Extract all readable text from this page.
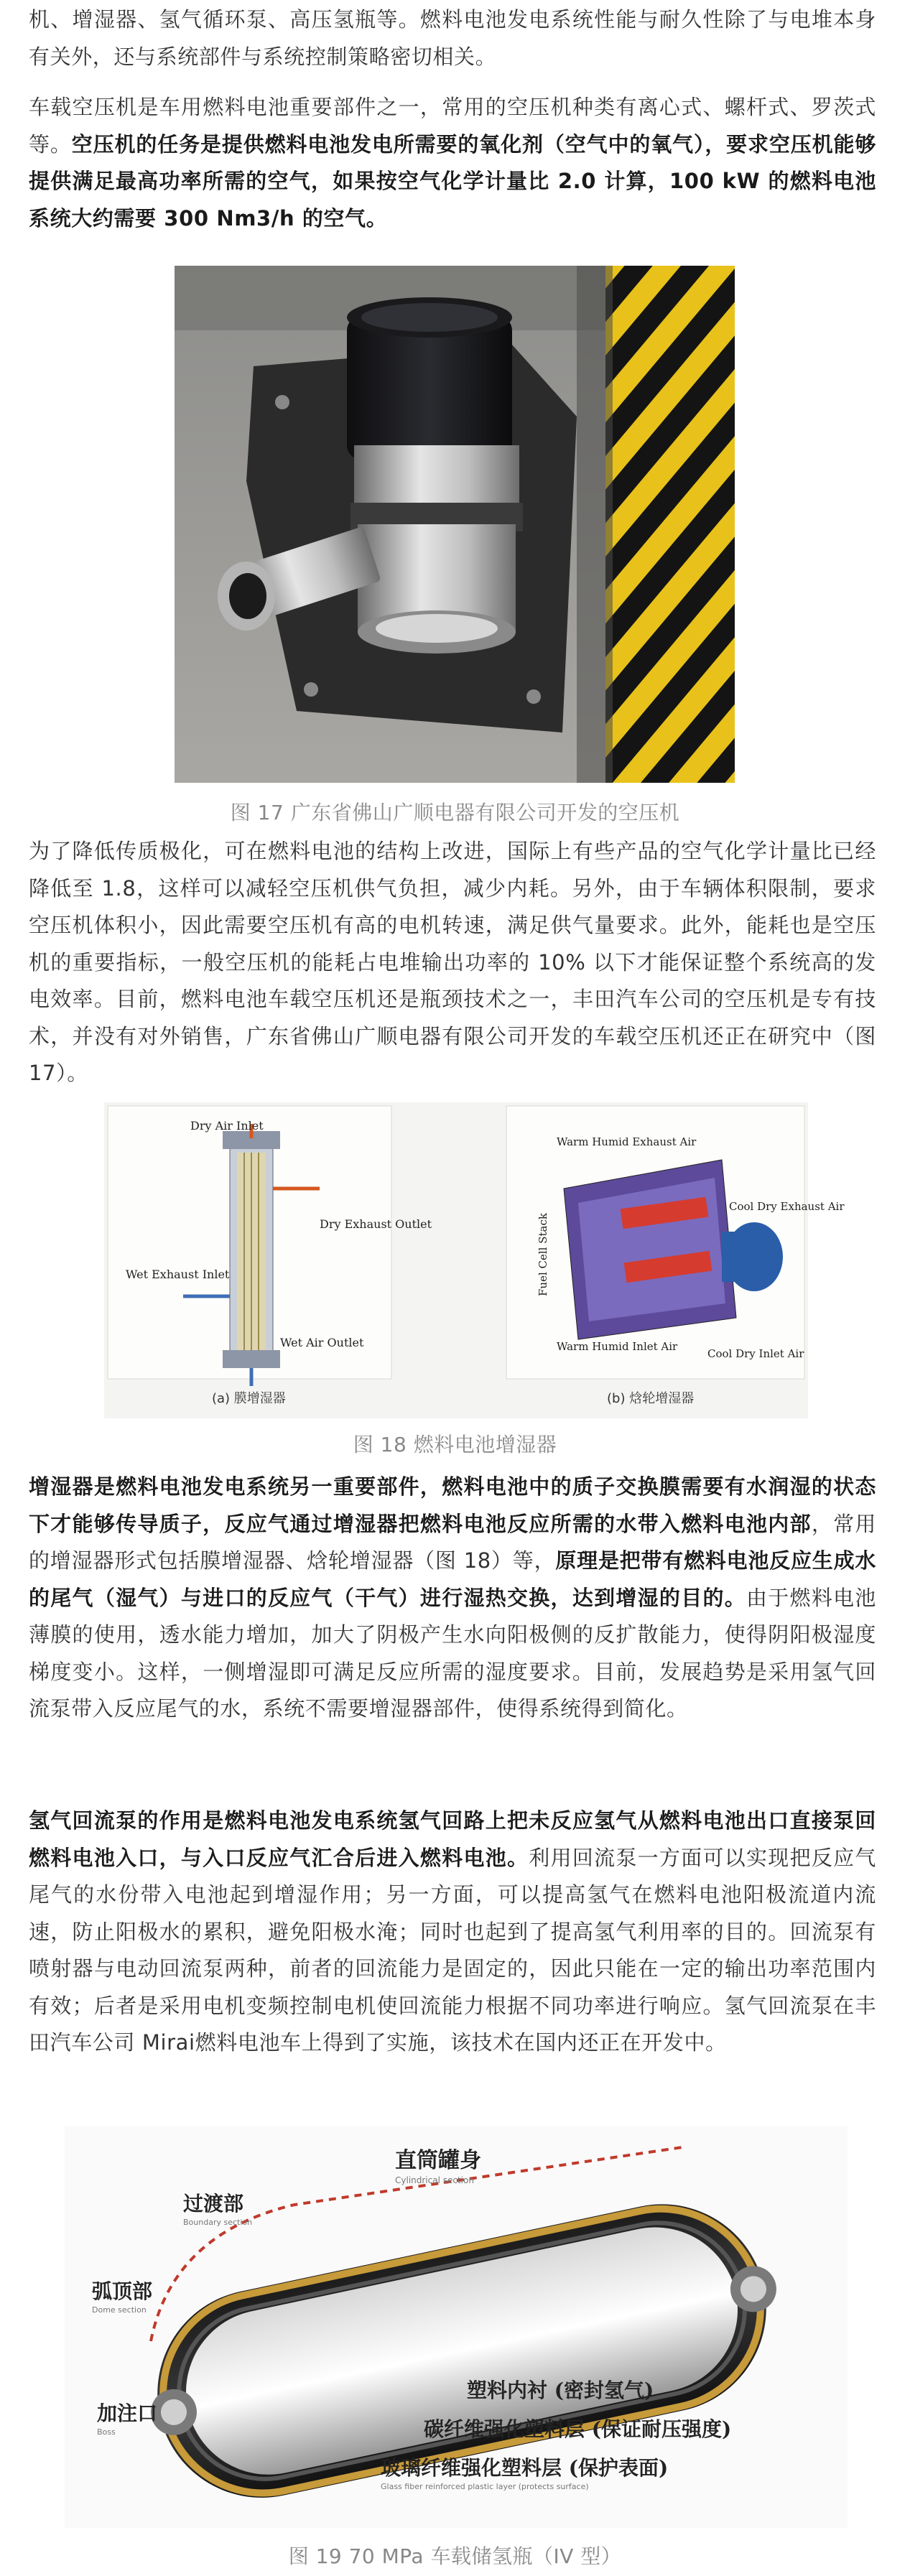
机、增湿器、氢气循环泵、高压氢瓶等。燃料电池发电系统性能与耐久性除了与电堆本身有关外，还与系统部件与系统控制策略密切相关。

车载空压机是车用燃料电池重要部件之一，常用的空压机种类有离心式、螺杆式、罗茨式等。空压机的任务是提供燃料电池发电所需要的氧化剂（空气中的氧气），要求空压机能够提供满足最高功率所需的空气，如果按空气化学计量比 2.0 计算，100 kW 的燃料电池系统大约需要 300 Nm3/h 的空气。

图 17 广东省佛山广顺电器有限公司开发的空压机

为了降低传质极化，可在燃料电池的结构上改进，国际上有些产品的空气化学计量比已经降低至 1.8，这样可以减轻空压机供气负担，减少内耗。另外，由于车辆体积限制，要求空压机体积小，因此需要空压机有高的电机转速，满足供气量要求。此外，能耗也是空压机的重要指标，一般空压机的能耗占电堆输出功率的 10% 以下才能保证整个系统高的发电效率。目前，燃料电池车载空压机还是瓶颈技术之一，丰田汽车公司的空压机是专有技术，并没有对外销售，广东省佛山广顺电器有限公司开发的车载空压机还正在研究中（图 17）。

Dry Air Inlet
Dry Exhaust Outlet
Wet Exhaust Inlet
Wet Air Outlet
(a) 膜增湿器
Warm Humid Exhaust Air
Fuel Cell Stack
Cool Dry Exhaust Air
Warm Humid Inlet Air
Cool Dry Inlet Air
(b) 焓轮增湿器

图 18 燃料电池增湿器

增湿器是燃料电池发电系统另一重要部件，燃料电池中的质子交换膜需要有水润湿的状态下才能够传导质子，反应气通过增湿器把燃料电池反应所需的水带入燃料电池内部，常用的增湿器形式包括膜增湿器、焓轮增湿器（图 18）等，原理是把带有燃料电池反应生成水的尾气（湿气）与进口的反应气（干气）进行湿热交换，达到增湿的目的。由于燃料电池薄膜的使用，透水能力增加，加大了阴极产生水向阳极侧的反扩散能力，使得阴阳极湿度梯度变小。这样，一侧增湿即可满足反应所需的湿度要求。目前，发展趋势是采用氢气回流泵带入反应尾气的水，系统不需要增湿器部件，使得系统得到简化。

氢气回流泵的作用是燃料电池发电系统氢气回路上把未反应氢气从燃料电池出口直接泵回燃料电池入口，与入口反应气汇合后进入燃料电池。利用回流泵一方面可以实现把反应气尾气的水份带入电池起到增湿作用；另一方面，可以提高氢气在燃料电池阳极流道内流速，防止阳极水的累积，避免阳极水淹；同时也起到了提高氢气利用率的目的。回流泵有喷射器与电动回流泵两种，前者的回流能力是固定的，因此只能在一定的输出功率范围内有效；后者是采用电机变频控制电机使回流能力根据不同功率进行响应。氢气回流泵在丰田汽车公司 Mirai燃料电池车上得到了实施，该技术在国内还正在开发中。

直筒罐身
Cylindrical section
过渡部
Boundary section
弧顶部
Dome section
加注口
Boss
塑料内衬 (密封氢气)
碳纤维强化塑料层 (保证耐压强度)
玻璃纤维强化塑料层 (保护表面)
Glass fiber reinforced plastic layer (protects surface)

图 19 70 MPa 车载储氢瓶（IV 型）
